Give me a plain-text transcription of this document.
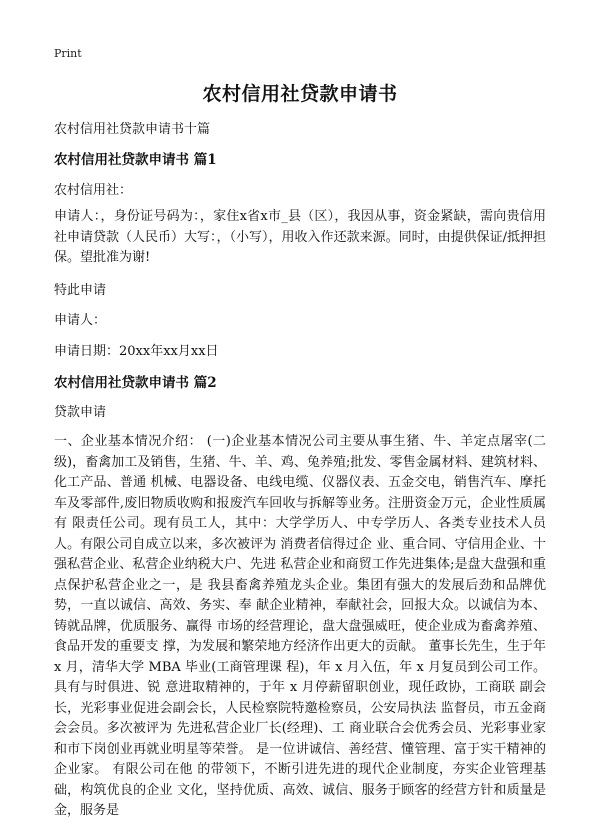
Print
农村信用社贷款申请书
农村信用社贷款申请书十篇
农村信用社贷款申请书 篇1
农村信用社：

申请人：，身份证号码为：，家住x省x市_县（区），我因从事，资金紧缺，需向贵信用社申请贷款（人民币）大写：，（小写），用收入作还款来源。同时，由提供保证/抵押担保。望批准为谢!

特此申请
申请人：
申请日期：20xx年xx月xx日
农村信用社贷款申请书 篇2
贷款申请

一、企业基本情况介绍： (一)企业基本情况公司主要从事生猪、牛、羊定点屠宰(二级)，畜禽加工及销售，生猪、牛、羊、鸡、兔养殖;批发、零售金属材料、建筑材料、化工产品、普通 机械、电器设备、电线电缆、仪器仪表、五金交电，销售汽车、摩托车及零部件,废旧物质收购和报废汽车回收与拆解等业务。注册资金万元，企业性质属有 限责任公司。现有员工人，其中：大学学历人、中专学历人、各类专业技术人员人。有限公司自成立以来，多次被评为 消费者信得过企 业、重合同、守信用企业、十强私营企业、私营企业纳税大户、先进 私营企业和商贸工作先进集体;是盘大盘强和重点保护私营企业之一，是 我县畜禽养殖龙头企业。集团有强大的发展后劲和品牌优势，一直以诚信、高效、务实、奉 献企业精神，奉献社会，回报大众。以诚信为本、铸就品牌，优质服务、赢得 市场的经营理论，盘大盘强威旺，使企业成为畜禽养殖、食品开发的重要支 撑，为发展和繁荣地方经济作出更大的贡献。 董事长先生，生于年 x 月，清华大学 MBA 毕业(工商管理课 程)，年 x 月入伍，年 x 月复员到公司工作。具有与时俱进、锐 意进取精神的，于年 x 月停薪留职创业，现任政协，工商联 副会长，光彩事业促进会副会长，人民检察院特邀检察员，公安局执法 监督员，市五金商会会员。多次被评为 先进私营企业厂长(经理)、工 商业联合会优秀会员、光彩事业家和市下岗创业再就业明星等荣誉。 是一位讲诚信、善经营、懂管理、富于实干精神的企业家。 有限公司在他 的带领下，不断引进先进的现代企业制度，夯实企业管理基础，构筑优良的企业 文化，坚持优质、高效、诚信、服务于顾客的经营方针和质量是金，服务是
